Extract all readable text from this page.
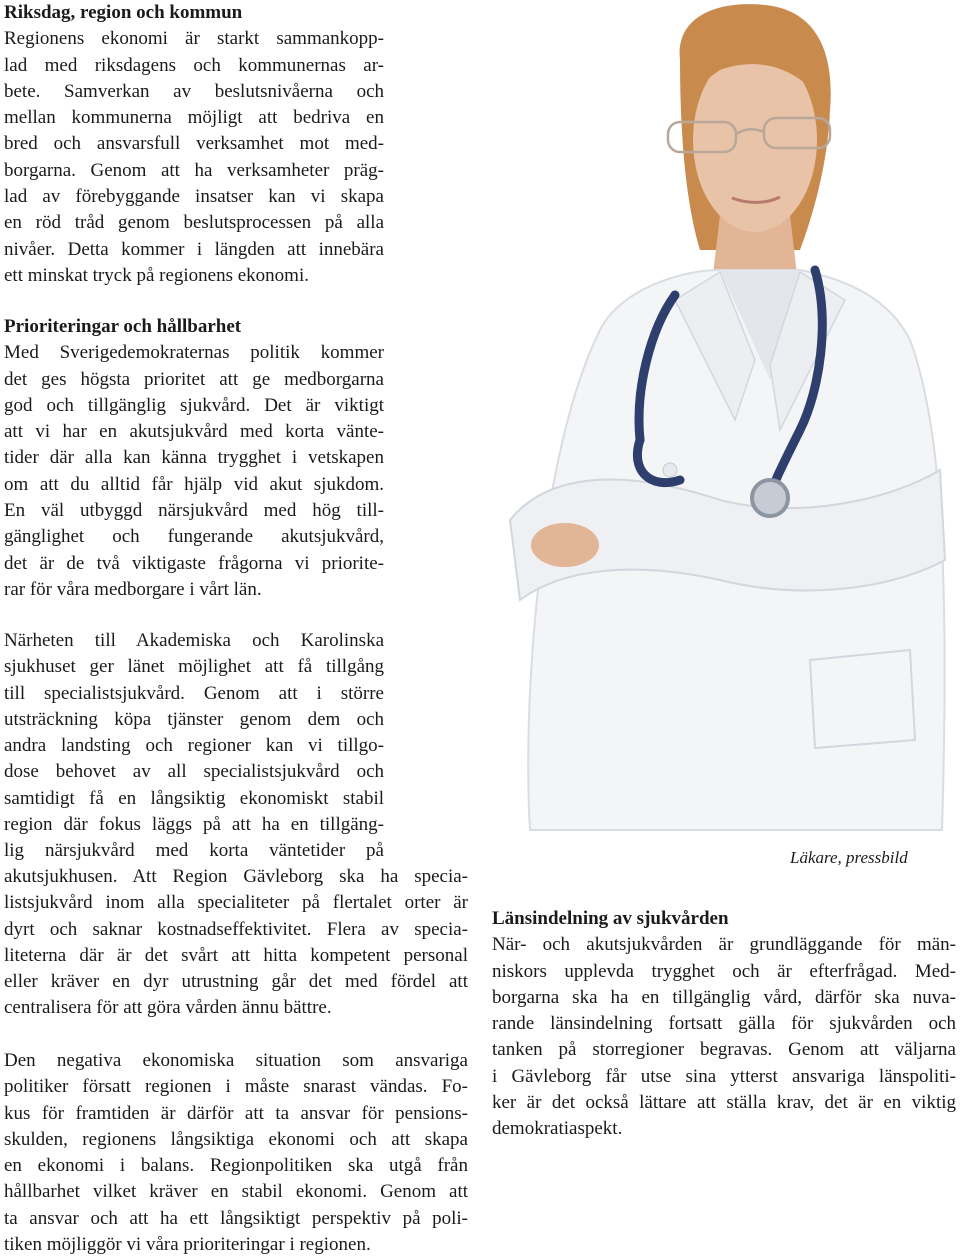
Riksdag, region och kommun
Regionens ekonomi är starkt sammankopp-
lad med riksdagens och kommunernas ar-
bete. Samverkan av beslutsnivåerna och
mellan kommunerna möjligt att bedriva en
bred och ansvarsfull verksamhet mot med-
borgarna. Genom att ha verksamheter präg-
lad av förebyggande insatser kan vi skapa
en röd tråd genom beslutsprocessen på alla
nivåer. Detta kommer i längden att innebära
ett minskat tryck på regionens ekonomi.
Prioriteringar och hållbarhet
Med Sverigedemokraternas politik kommer
det ges högsta prioritet att ge medborgarna
god och tillgänglig sjukvård. Det är viktigt
att vi har en akutsjukvård med korta vänte-
tider där alla kan känna trygghet i vetskapen
om att du alltid får hjälp vid akut sjukdom.
En väl utbyggd närsjukvård med hög till-
gänglighet och fungerande akutsjukvård,
det är de två viktigaste frågorna vi priorite-
rar för våra medborgare i vårt län.
Närheten till Akademiska och Karolinska
sjukhuset ger länet möjlighet att få tillgång
till specialistsjukvård. Genom att i större
utsträckning köpa tjänster genom dem och
andra landsting och regioner kan vi tillgo-
dose behovet av all specialistsjukvård och
samtidigt få en långsiktig ekonomiskt stabil
region där fokus läggs på att ha en tillgäng-
lig närsjukvård med korta väntetider på
akutsjukhusen. Att Region Gävleborg ska ha specia-
listsjukvård inom alla specialiteter på flertalet orter är
dyrt och saknar kostnadseffektivitet. Flera av specia-
liteterna där är det svårt att hitta kompetent personal
eller kräver en dyr utrustning går det med fördel att
centralisera för att göra vården ännu bättre.
Den negativa ekonomiska situation som ansvariga
politiker försatt regionen i måste snarast vändas. Fo-
kus för framtiden är därför att ta ansvar för pensions-
skulden, regionens långsiktiga ekonomi och att skapa
en ekonomi i balans. Regionpolitiken ska utgå från
hållbarhet vilket kräver en stabil ekonomi. Genom att
ta ansvar och att ha ett långsiktigt perspektiv på poli-
tiken möjliggör vi våra prioriteringar i regionen.
Länsindelning av sjukvården
När- och akutsjukvården är grundläggande för män-
niskors upplevda trygghet och är efterfrågad. Med-
borgarna ska ha en tillgänglig vård, därför ska nuva-
rande länsindelning fortsatt gälla för sjukvården och
tanken på storregioner begravas. Genom att väljarna
i Gävleborg får utse sina ytterst ansvariga länspoliti-
ker är det också lättare att ställa krav, det är en viktig
demokratiaspekt.
Läkare, pressbild
